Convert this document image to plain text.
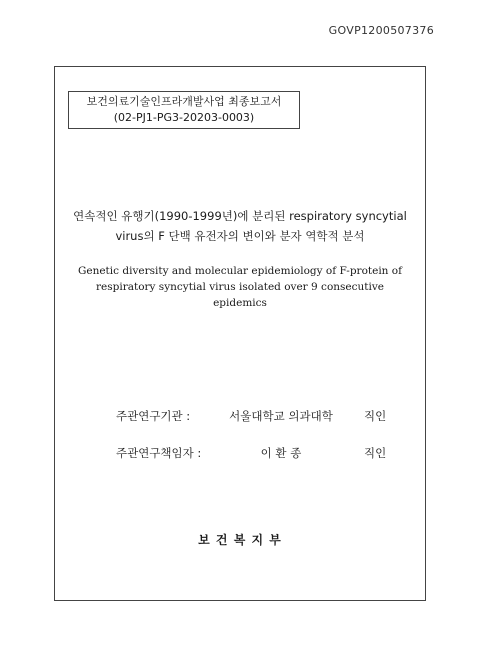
GOVP1200507376
보건의료기술인프라개발사업 최종보고서
(02-PJ1-PG3-20203-0003)
연속적인 유행기(1990-1999년)에 분리된 respiratory syncytial
virus의 F 단백 유전자의 변이와 분자 역학적 분석
Genetic diversity and molecular epidemiology of F-protein of
respiratory syncytial virus isolated over 9 consecutive
epidemics
주관연구기관 :	서울대학교 의과대학	직인
주관연구책임자 :	이 환 종	직인
보 건 복 지 부
